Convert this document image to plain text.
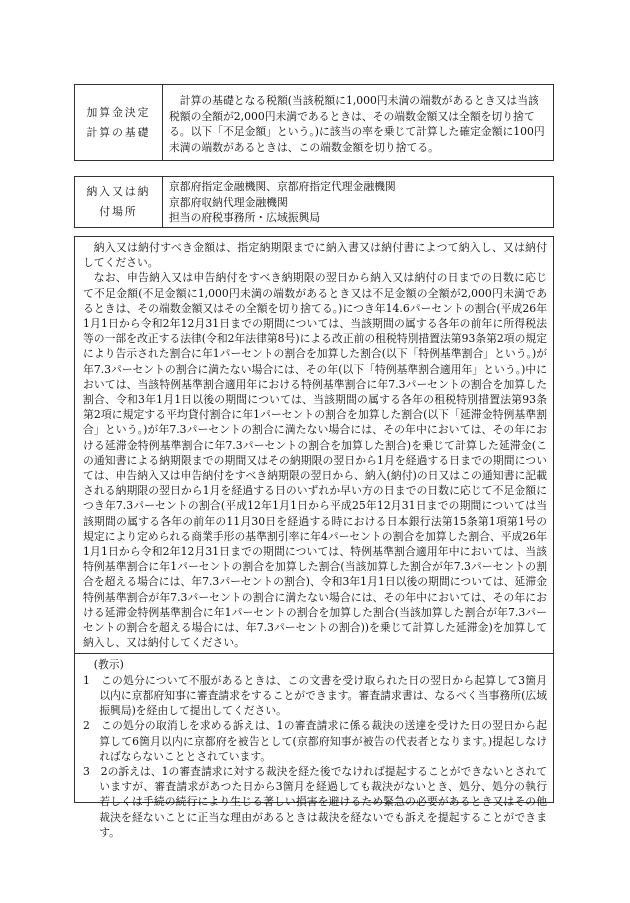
加算金決定計算の基礎
　計算の基礎となる税額(当該税額に1,000円未満の端数があるとき又は当該税額の全額が2,000円未満であるときは、その端数金額又は全額を切り捨てる。以下「不足金額」という。)に該当の率を乗じて計算した確定金額に100円未満の端数があるときは、この端数金額を切り捨てる。
納入又は納付場所
京都府指定金融機関、京都府指定代理金融機関
京都府収納代理金融機関
担当の府税事務所・広域振興局
納入又は納付すべき金額は、指定納期限までに納入書又は納付書によつて納入し、又は納付してください。
なお、申告納入又は申告納付をすべき納期限の翌日から納入又は納付の日までの日数に応じて不足金額(不足金額に1,000円未満の端数があるとき又は不足金額の全額が2,000円未満であるときは、その端数金額又はその全額を切り捨てる。)につき年14.6パーセントの割合(平成26年1月1日から令和2年12月31日までの期間については、当該期間の属する各年の前年に所得税法等の一部を改正する法律(令和2年法律第8号)による改正前の租税特別措置法第93条第2項の規定により告示された割合に年1パーセントの割合を加算した割合(以下「特例基準割合」という。)が年7.3パーセントの割合に満たない場合には、その年(以下「特例基準割合適用年」という。)中においては、当該特例基準割合適用年における特例基準割合に年7.3パーセントの割合を加算した割合、令和3年1月1日以後の期間については、当該期間の属する各年の租税特別措置法第93条第2項に規定する平均貸付割合に年1パーセントの割合を加算した割合(以下「延滞金特例基準割合」という。)が年7.3パーセントの割合に満たない場合には、その年中においては、その年における延滞金特例基準割合に年7.3パーセントの割合を加算した割合)を乗じて計算した延滞金(この通知書による納期限までの期間又はその納期限の翌日から1月を経過する日までの期間については、申告納入又は申告納付をすべき納期限の翌日から、納入(納付)の日又はこの通知書に記載される納期限の翌日から1月を経過する日のいずれか早い方の日までの日数に応じて不足金額につき年7.3パーセントの割合(平成12年1月1日から平成25年12月31日までの期間については当該期間の属する各年の前年の11月30日を経過する時における日本銀行法第15条第1項第1号の規定により定められる商業手形の基準割引率に年4パーセントの割合を加算した割合、平成26年1月1日から令和2年12月31日までの期間については、特例基準割合適用年中においては、当該特例基準割合に年1パーセントの割合を加算した割合(当該加算した割合が年7.3パーセントの割合を超える場合には、年7.3パーセントの割合)、令和3年1月1日以後の期間については、延滞金特例基準割合が年7.3パーセントの割合に満たない場合には、その年中においては、その年における延滞金特例基準割合に年1パーセントの割合を加算した割合(当該加算した割合が年7.3パーセントの割合を超える場合には、年7.3パーセントの割合))を乗じて計算した延滞金)を加算して納入し、又は納付してください。
(教示)
1　この処分について不服があるときは、この文書を受け取られた日の翌日から起算して3箇月以内に京都府知事に審査請求をすることができます。審査請求書は、なるべく当事務所(広域振興局)を経由して提出してください。
2　この処分の取消しを求める訴えは、1の審査請求に係る裁決の送達を受けた日の翌日から起算して6箇月以内に京都府を被告として(京都府知事が被告の代表者となります。)提起しなければならないこととされています。
3　2の訴えは、1の審査請求に対する裁決を経た後でなければ提起することができないとされていますが、審査請求があつた日から3箇月を経過しても裁決がないとき、処分、処分の執行若しくは手続の続行により生じる著しい損害を避けるため緊急の必要があるとき又はその他裁決を経ないことに正当な理由があるときは裁決を経ないでも訴えを提起することができます。
